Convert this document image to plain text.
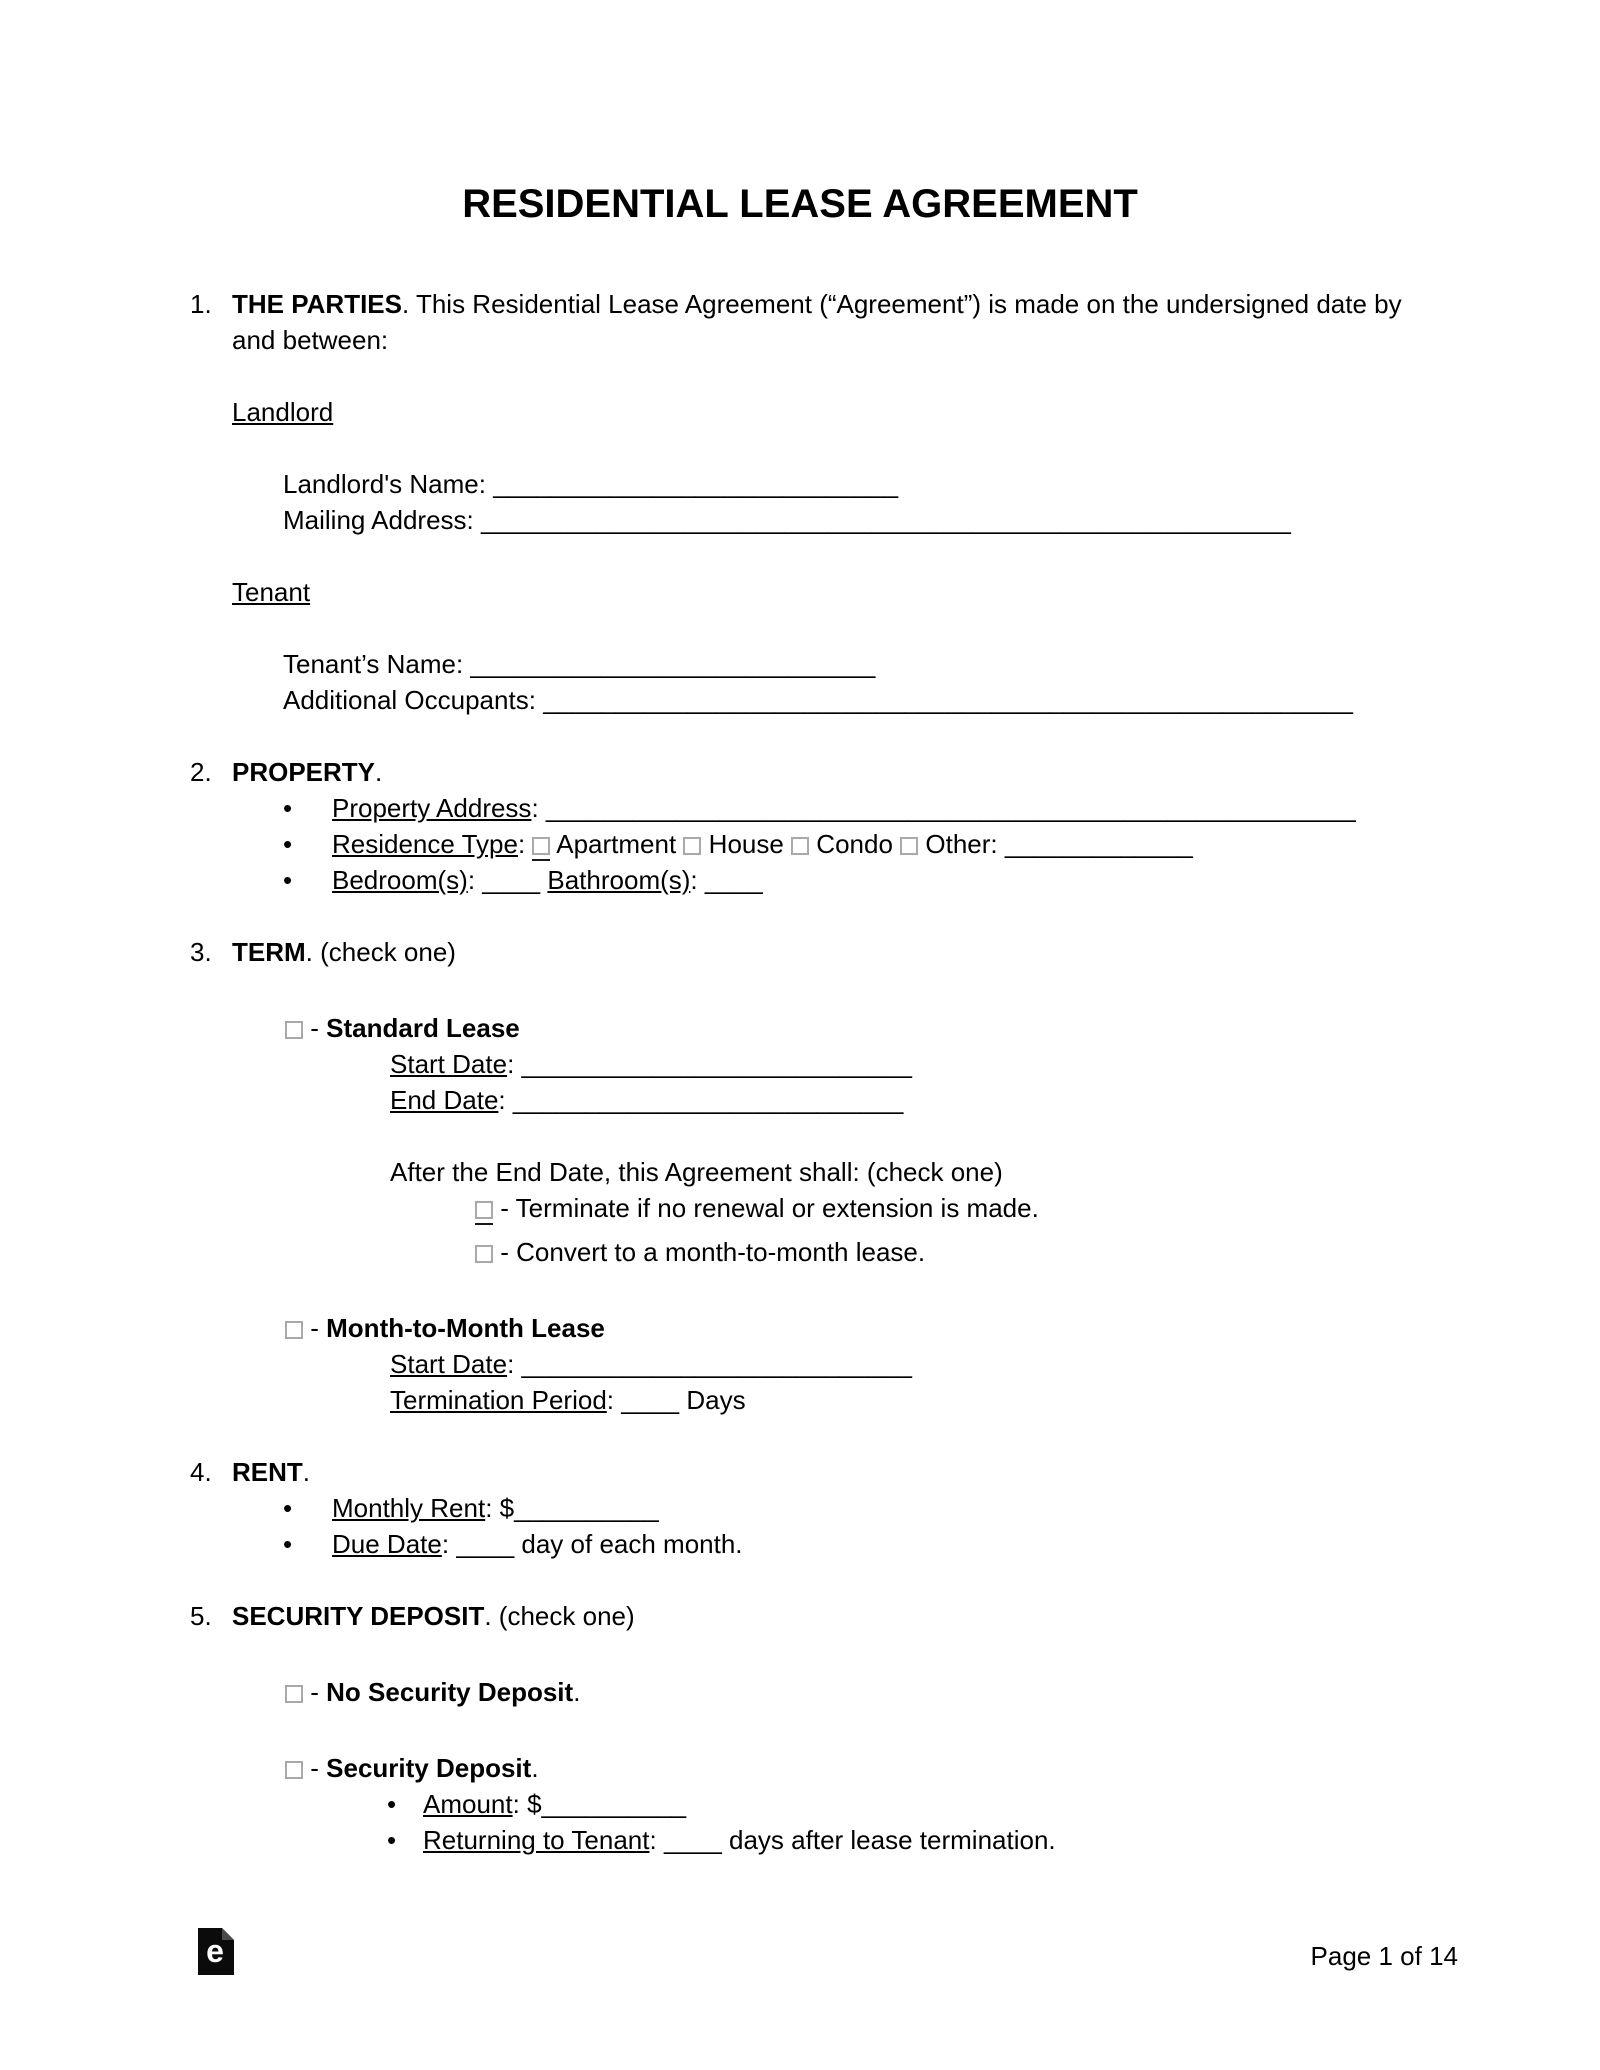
RESIDENTIAL LEASE AGREEMENT
1. THE PARTIES. This Residential Lease Agreement (“Agreement”) is made on the undersigned date by and between:
Landlord
Landlord's Name: ____________________________
Mailing Address: ________________________________________________________
Tenant
Tenant’s Name: ____________________________
Additional Occupants: ________________________________________________________
2. PROPERTY.
• Property Address: ________________________________________________________
• Residence Type: Apartment House Condo Other: _____________
• Bedroom(s): ____ Bathroom(s): ____
3. TERM. (check one)
- Standard Lease
Start Date: ___________________________
End Date: ___________________________
After the End Date, this Agreement shall: (check one)
- Terminate if no renewal or extension is made.
- Convert to a month-to-month lease.
- Month-to-Month Lease
Start Date: ___________________________
Termination Period: ____ Days
4. RENT.
• Monthly Rent: $__________
• Due Date: ____ day of each month.
5. SECURITY DEPOSIT. (check one)
- No Security Deposit.
- Security Deposit.
• Amount: $__________
• Returning to Tenant: ____ days after lease termination.
e	Page 1 of 14
